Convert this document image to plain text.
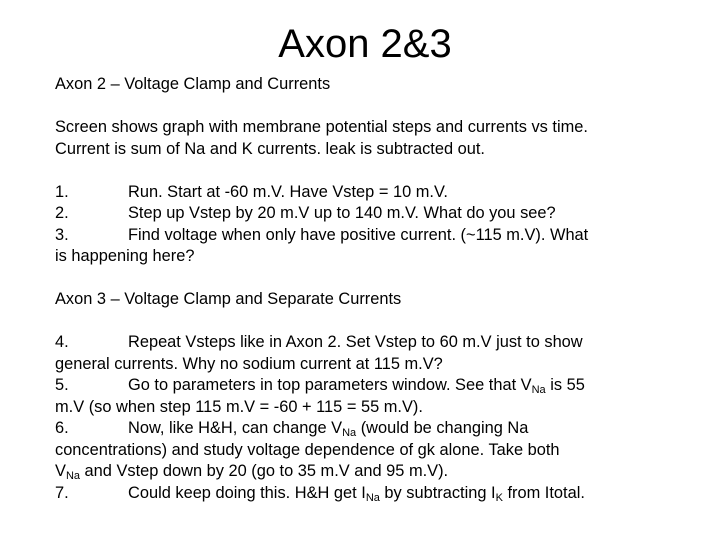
Axon 2&3
Axon 2 – Voltage Clamp and Currents
Screen shows graph with membrane potential steps and currents vs time.
Current is sum of Na and K currents. leak is subtracted out.
1.	Run. Start at -60 m.V. Have Vstep = 10 m.V.
2.	Step up Vstep by 20 m.V up to 140 m.V. What do you see?
3.	Find voltage when only have positive current. (~115 m.V). What
is happening here?
Axon 3 – Voltage Clamp and Separate Currents
4.	Repeat Vsteps like in Axon 2. Set Vstep to 60 m.V just to show
general currents. Why no sodium current at 115 m.V?
5.	Go to parameters in top parameters window. See that $V_{Na}$ is 55
m.V (so when step 115 m.V = -60 + 115 = 55 m.V).
6.	Now, like H&H, can change $V_{Na}$ (would be changing Na
concentrations) and study voltage dependence of gk alone. Take both
$V_{Na}$ and Vstep down by 20 (go to 35 m.V and 95 m.V).
7.	Could keep doing this. H&H get $I_{Na}$ by subtracting $I_K$ from Itotal.
